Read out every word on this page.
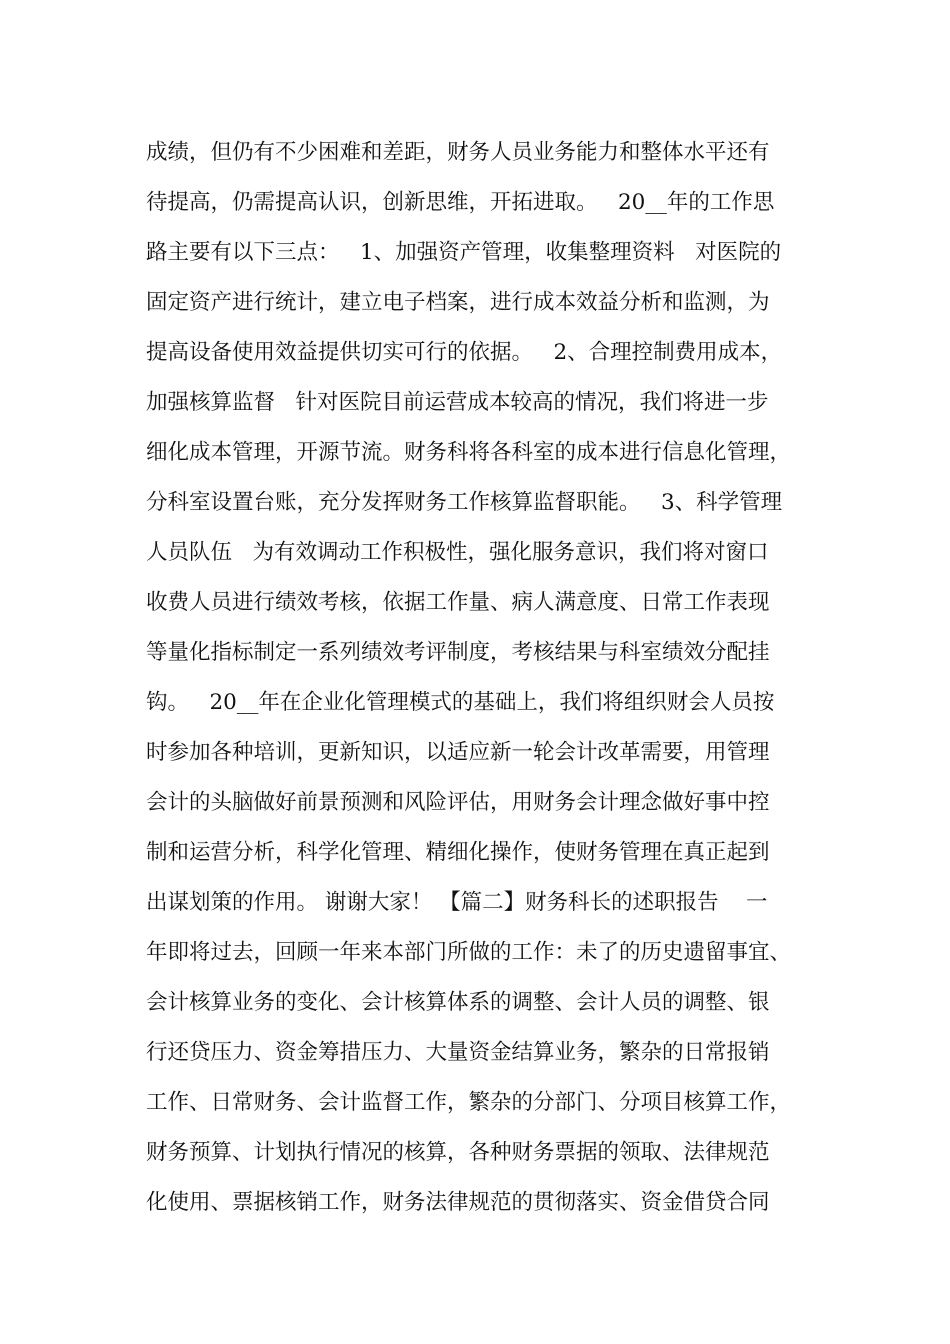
成绩，但仍有不少困难和差距，财务人员业务能力和整体水平还有
待提高，仍需提高认识，创新思维，开拓进取。   20__年的工作思
路主要有以下三点：   1、加强资产管理，收集整理资料   对医院的
固定资产进行统计，建立电子档案，进行成本效益分析和监测，为
提高设备使用效益提供切实可行的依据。   2、合理控制费用成本，
加强核算监督   针对医院目前运营成本较高的情况，我们将进一步
细化成本管理，开源节流。财务科将各科室的成本进行信息化管理，
分科室设置台账，充分发挥财务工作核算监督职能。   3、科学管理
人员队伍   为有效调动工作积极性，强化服务意识，我们将对窗口
收费人员进行绩效考核，依据工作量、病人满意度、日常工作表现
等量化指标制定一系列绩效考评制度，考核结果与科室绩效分配挂
钩。   20__年在企业化管理模式的基础上，我们将组织财会人员按
时参加各种培训，更新知识，以适应新一轮会计改革需要，用管理
会计的头脑做好前景预测和风险评估，用财务会计理念做好事中控
制和运营分析，科学化管理、精细化操作，使财务管理在真正起到
出谋划策的作用。 谢谢大家！ 【篇二】财务科长的述职报告    一
年即将过去，回顾一年来本部门所做的工作：未了的历史遗留事宜、
会计核算业务的变化、会计核算体系的调整、会计人员的调整、银
行还贷压力、资金筹措压力、大量资金结算业务，繁杂的日常报销
工作、日常财务、会计监督工作，繁杂的分部门、分项目核算工作，
财务预算、计划执行情况的核算，各种财务票据的领取、法律规范
化使用、票据核销工作，财务法律规范的贯彻落实、资金借贷合同
